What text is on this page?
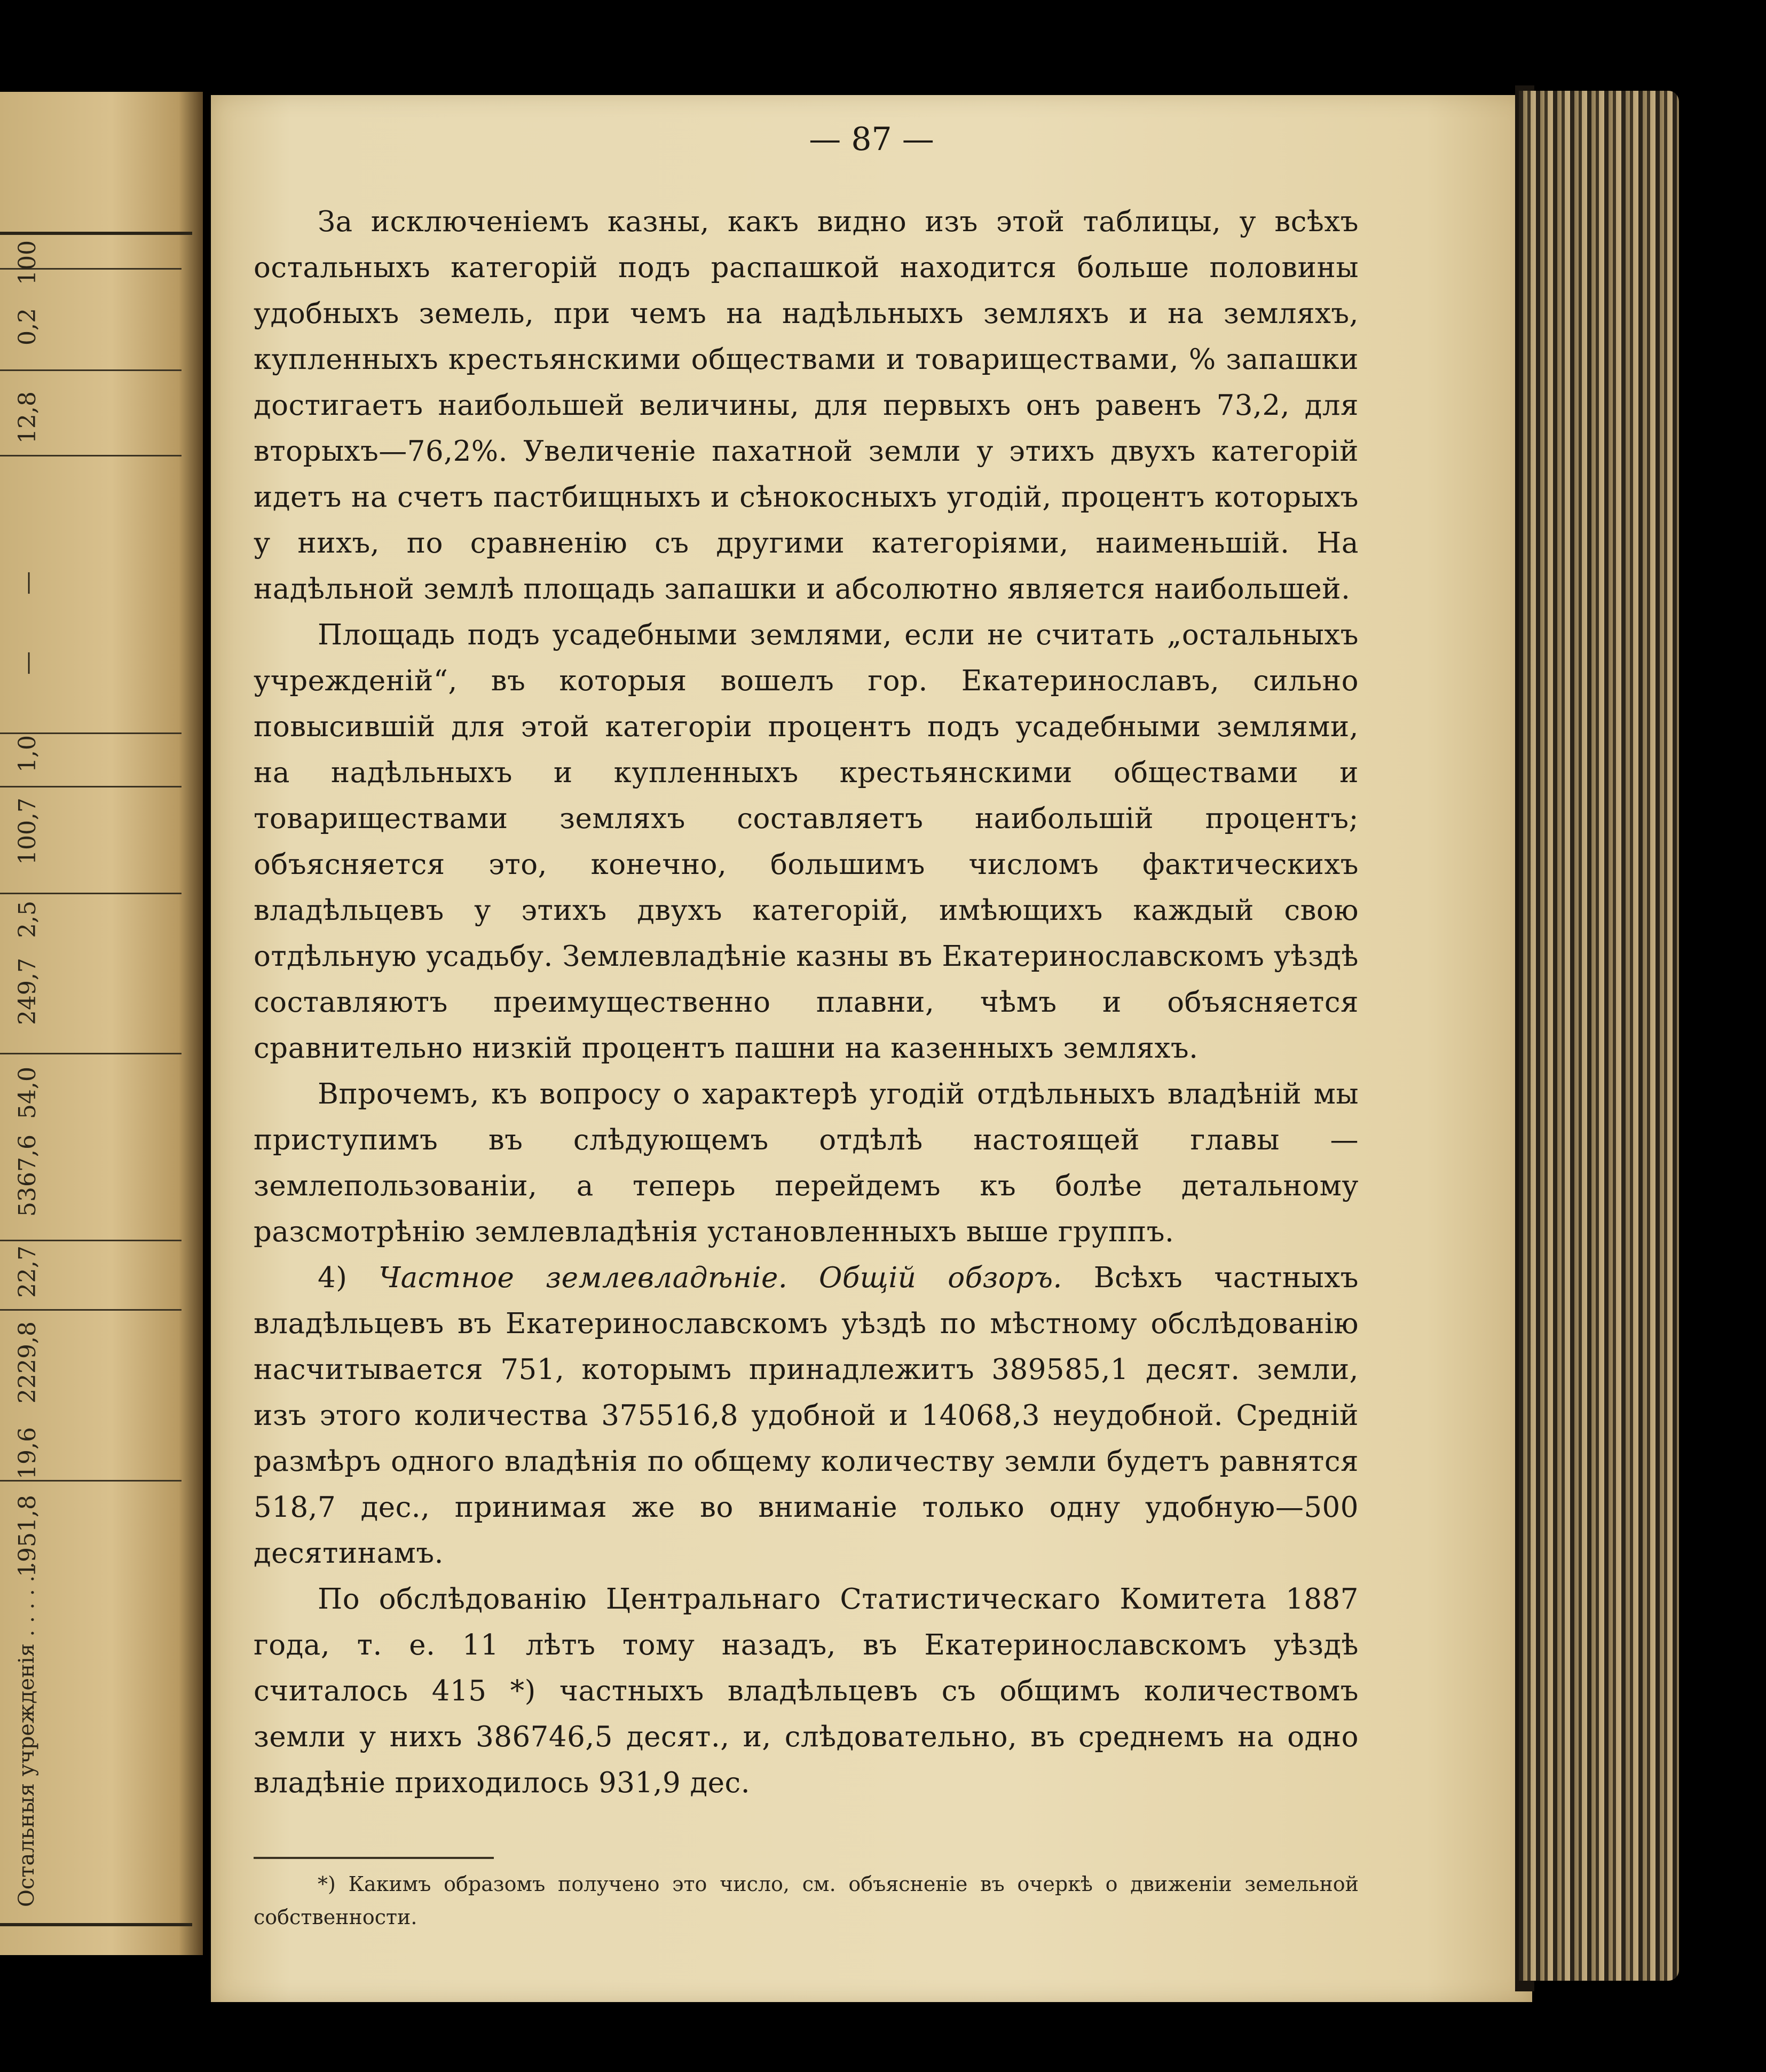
100
0,2
12,8
—
—
1,0
100,7
2,5
249,7
54,0
5367,6
22,7
2229,8
19,6
1951,8
Остальныя учрежденія . . . . . .
— 87 —

За исключеніемъ казны, какъ видно изъ этой таблицы, у всѣхъ остальныхъ категорій подъ распашкой находится больше половины удобныхъ земель, при чемъ на надѣльныхъ земляхъ и на земляхъ, купленныхъ крестьянскими обществами и товариществами, % запашки достигаетъ наибольшей величины, для первыхъ онъ равенъ 73,2, для вторыхъ—76,2%. Увеличеніе пахатной земли у этихъ двухъ категорій идетъ на счетъ пастбищныхъ и сѣнокосныхъ угодій, процентъ которыхъ у нихъ, по сравненію съ другими категоріями, наименьшій. На надѣльной землѣ площадь запашки и абсолютно является наибольшей.

Площадь подъ усадебными землями, если не считать „остальныхъ учрежденій“, въ которыя вошелъ гор. Екатеринославъ, сильно повысившій для этой категоріи процентъ подъ усадебными землями, на надѣльныхъ и купленныхъ крестьянскими обществами и товариществами земляхъ составляетъ наибольшій процентъ; объясняется это, конечно, большимъ числомъ фактическихъ владѣльцевъ у этихъ двухъ категорій, имѣющихъ каждый свою отдѣльную усадьбу. Землевладѣніе казны въ Екатеринославскомъ уѣздѣ составляютъ преимущественно плавни, чѣмъ и объясняется сравнительно низкій процентъ пашни на казенныхъ земляхъ.

Впрочемъ, къ вопросу о характерѣ угодій отдѣльныхъ владѣній мы приступимъ въ слѣдующемъ отдѣлѣ настоящей главы — землепользованіи, а теперь перейдемъ къ болѣе детальному разсмотрѣнію землевладѣнія установленныхъ выше группъ.

4) Частное землевладѣніе. Общій обзоръ. Всѣхъ частныхъ владѣльцевъ въ Екатеринославскомъ уѣздѣ по мѣстному обслѣдованію насчитывается 751, которымъ принадлежитъ 389585,1 десят. земли, изъ этого количества 375516,8 удобной и 14068,3 неудобной. Средній размѣръ одного владѣнія по общему количеству земли будетъ равнятся 518,7 дес., принимая же во вниманіе только одну удобную—500 десятинамъ.

По обслѣдованію Центральнаго Статистическаго Комитета 1887 года, т. е. 11 лѣтъ тому назадъ, въ Екатеринославскомъ уѣздѣ считалось 415 *) частныхъ владѣльцевъ съ общимъ количествомъ земли у нихъ 386746,5 десят., и, слѣдовательно, въ среднемъ на одно владѣніе приходилось 931,9 дес.

*) Какимъ образомъ получено это число, см. объясненіе въ очеркѣ о движеніи земельной собственности.
